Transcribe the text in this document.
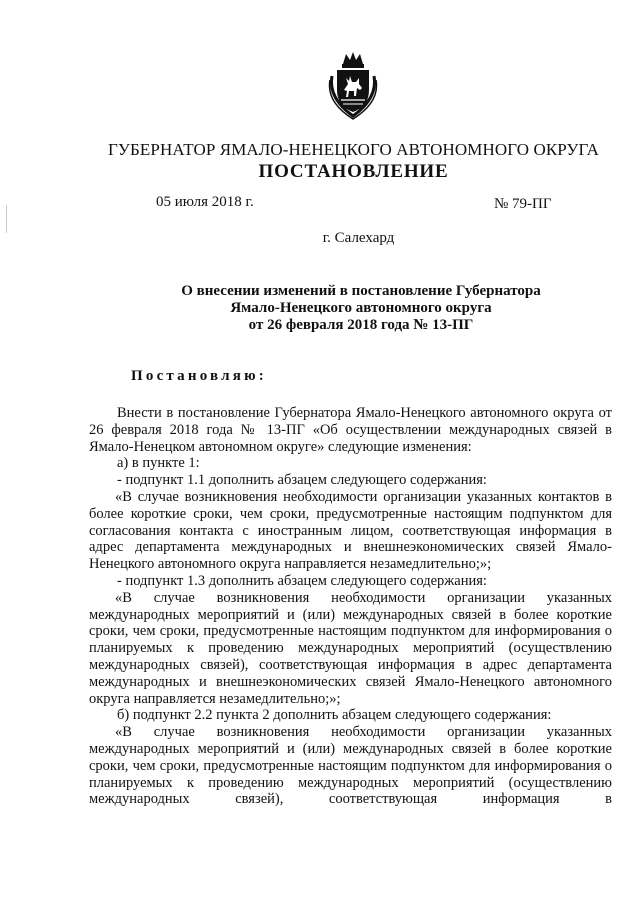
ГУБЕРНАТОР ЯМАЛО-НЕНЕЦКОГО АВТОНОМНОГО ОКРУГА
ПОСТАНОВЛЕНИЕ
05 июля 2018 г.	№ 79-ПГ
г. Салехард
О внесении изменений в постановление Губернатора
Ямало-Ненецкого автономного округа
от 26 февраля 2018 года № 13-ПГ
Постановляю:

Внести в постановление Губернатора Ямало-Ненецкого автономного округа от 26 февраля 2018 года № 13-ПГ «Об осуществлении международных связей в Ямало-Ненецком автономном округе» следующие изменения:

а) в пункте 1:

- подпункт 1.1 дополнить абзацем следующего содержания:

«В случае возникновения необходимости организации указанных контактов в более короткие сроки, чем сроки, предусмотренные настоящим подпунктом для согласования контакта с иностранным лицом, соответствующая информация в адрес департамента международных и внешнеэкономических связей Ямало-Ненецкого автономного округа направляется незамедлительно;»;

- подпункт 1.3 дополнить абзацем следующего содержания:

«В случае возникновения необходимости организации указанных международных мероприятий и (или) международных связей в более короткие сроки, чем сроки, предусмотренные настоящим подпунктом для информирования о планируемых к проведению международных мероприятий (осуществлению международных связей), соответствующая информация в адрес департамента международных и внешнеэкономических связей Ямало-Ненецкого автономного округа направляется незамедлительно;»;

б) подпункт 2.2 пункта 2 дополнить абзацем следующего содержания:

«В случае возникновения необходимости организации указанных международных мероприятий и (или) международных связей в более короткие сроки, чем сроки, предусмотренные настоящим подпунктом для информирования о планируемых к проведению международных мероприятий (осуществлению международных связей), соответствующая информация в
